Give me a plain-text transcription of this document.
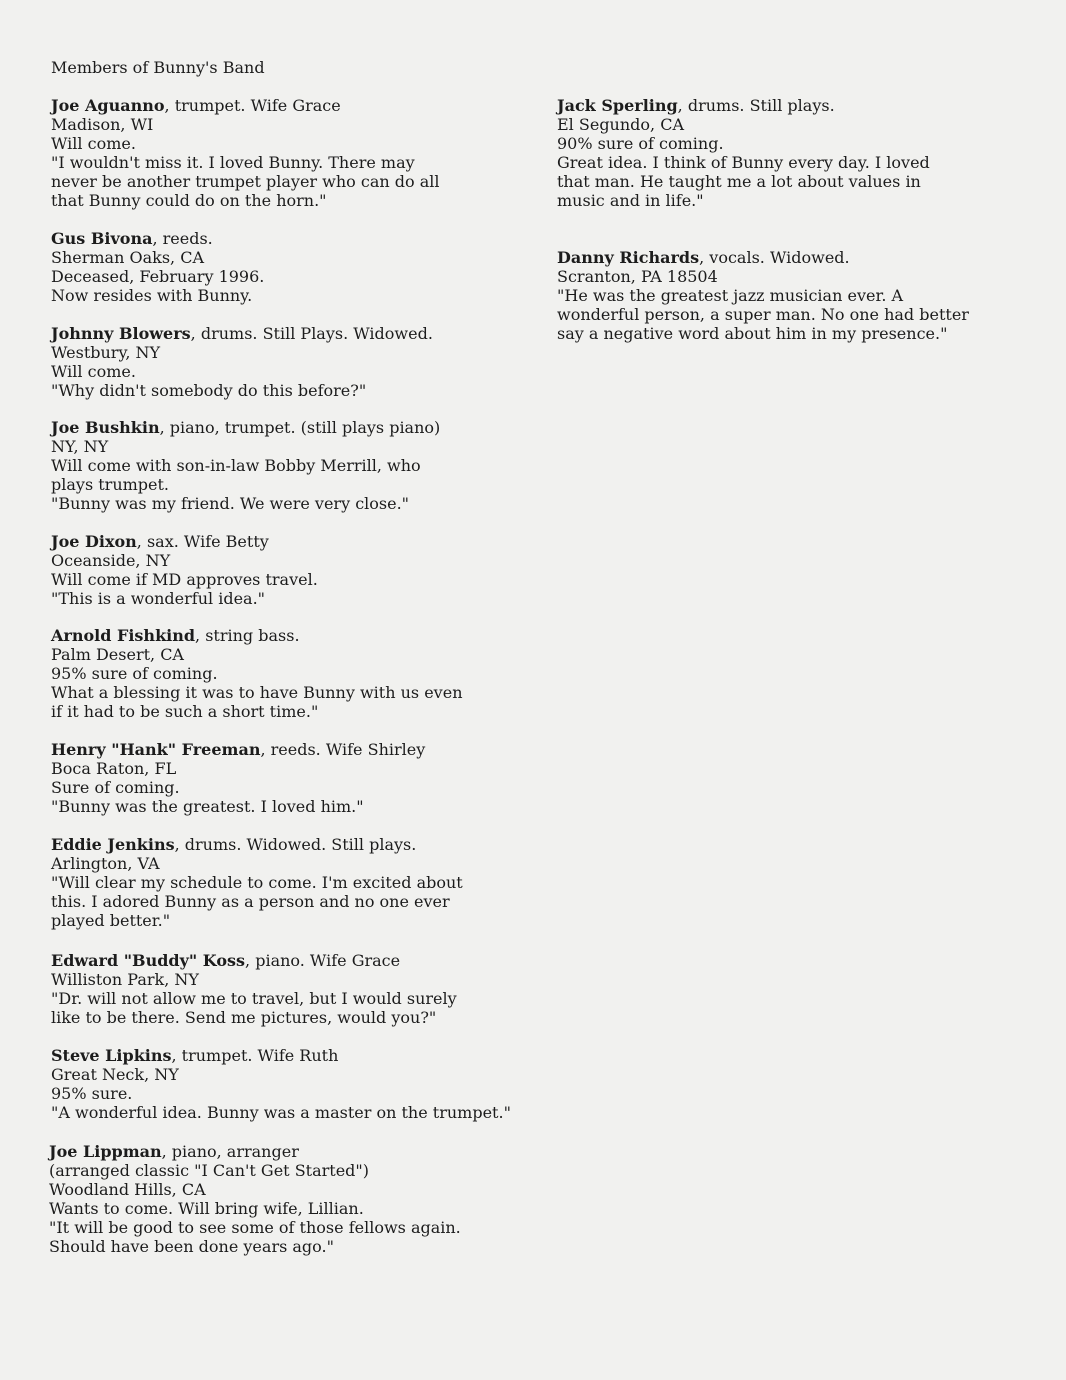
Members of Bunny's Band
Joe Aguanno, trumpet. Wife Grace
Madison, WI
Will come.
"I wouldn't miss it. I loved Bunny. There may
never be another trumpet player who can do all
that Bunny could do on the horn."
Gus Bivona, reeds.
Sherman Oaks, CA
Deceased, February 1996.
Now resides with Bunny.
Johnny Blowers, drums. Still Plays. Widowed.
Westbury, NY
Will come.
"Why didn't somebody do this before?"
Joe Bushkin, piano, trumpet. (still plays piano)
NY, NY
Will come with son-in-law Bobby Merrill, who
plays trumpet.
"Bunny was my friend. We were very close."
Joe Dixon, sax. Wife Betty
Oceanside, NY
Will come if MD approves travel.
"This is a wonderful idea."
Arnold Fishkind, string bass.
Palm Desert, CA
95% sure of coming.
What a blessing it was to have Bunny with us even
if it had to be such a short time."
Henry "Hank" Freeman, reeds. Wife Shirley
Boca Raton, FL
Sure of coming.
"Bunny was the greatest. I loved him."
Eddie Jenkins, drums. Widowed. Still plays.
Arlington, VA
"Will clear my schedule to come. I'm excited about
this. I adored Bunny as a person and no one ever
played better."
Edward "Buddy" Koss, piano. Wife Grace
Williston Park, NY
"Dr. will not allow me to travel, but I would surely
like to be there. Send me pictures, would you?"
Steve Lipkins, trumpet. Wife Ruth
Great Neck, NY
95% sure.
"A wonderful idea. Bunny was a master on the trumpet."
Joe Lippman, piano, arranger
(arranged classic "I Can't Get Started")
Woodland Hills, CA
Wants to come. Will bring wife, Lillian.
"It will be good to see some of those fellows again.
Should have been done years ago."
Jack Sperling, drums. Still plays.
El Segundo, CA
90% sure of coming.
Great idea. I think of Bunny every day. I loved
that man. He taught me a lot about values in
music and in life."
Danny Richards, vocals. Widowed.
Scranton, PA 18504
"He was the greatest jazz musician ever. A
wonderful person, a super man. No one had better
say a negative word about him in my presence."
